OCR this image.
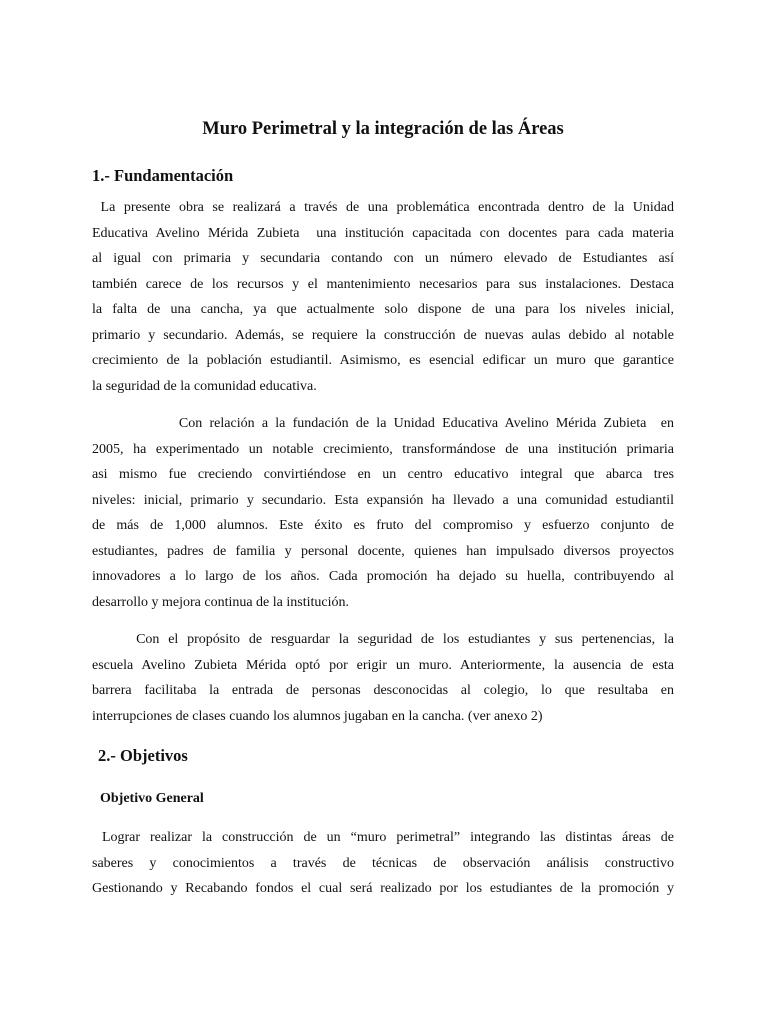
Muro Perimetral y la integración de las Áreas
1.- Fundamentación

La presente obra se realizará a través de una problemática encontrada dentro de la Unidad
Educativa Avelino Mérida Zubieta  una institución capacitada con docentes para cada materia
al igual con primaria y secundaria contando con un número elevado de Estudiantes así
también carece de los recursos y el mantenimiento necesarios para sus instalaciones. Destaca
la falta de una cancha, ya que actualmente solo dispone de una para los niveles inicial,
primario y secundario. Además, se requiere la construcción de nuevas aulas debido al notable
crecimiento de la población estudiantil. Asimismo, es esencial edificar un muro que garantice
la seguridad de la comunidad educativa.

Con relación a la fundación de la Unidad Educativa Avelino Mérida Zubieta  en
2005, ha experimentado un notable crecimiento, transformándose de una institución primaria
asi mismo fue creciendo convirtiéndose en un centro educativo integral que abarca tres
niveles: inicial, primario y secundario. Esta expansión ha llevado a una comunidad estudiantil
de más de 1,000 alumnos. Este éxito es fruto del compromiso y esfuerzo conjunto de
estudiantes, padres de familia y personal docente, quienes han impulsado diversos proyectos
innovadores a lo largo de los años. Cada promoción ha dejado su huella, contribuyendo al
desarrollo y mejora continua de la institución.

Con el propósito de resguardar la seguridad de los estudiantes y sus pertenencias, la
escuela Avelino Zubieta Mérida optó por erigir un muro. Anteriormente, la ausencia de esta
barrera facilitaba la entrada de personas desconocidas al colegio, lo que resultaba en
interrupciones de clases cuando los alumnos jugaban en la cancha. (ver anexo 2)

2.- Objetivos
Objetivo General

Lograr realizar la construcción de un “muro perimetral” integrando las distintas áreas de
saberes y conocimientos a través de técnicas de observación análisis constructivo
Gestionando y Recabando fondos el cual será realizado por los estudiantes de la promoción y
